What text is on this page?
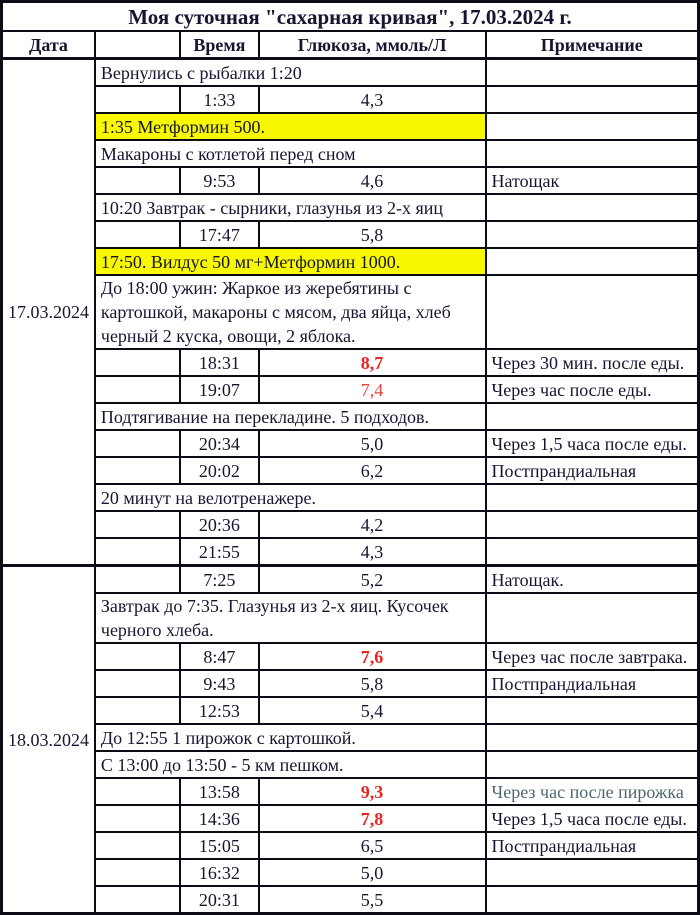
Моя суточная "сахарная кривая", 17.03.2024 г.				
Дата		Время	Глюкоза, ммоль/Л	Примечание
17.03.2024	Вернулись с рыбалки 1:20			
		1:33	4,3	
	1:35 Метформин 500.			
	Макароны с котлетой перед сном			
		9:53	4,6	Натощак
	10:20 Завтрак - сырники, глазунья из 2-х яиц			
		17:47	5,8	
	17:50. Вилдус 50 мг+Метформин 1000.			
	До 18:00 ужин: Жаркое из жеребятины с картошкой, макароны с мясом, два яйца, хлеб черный 2 куска, овощи, 2 яблока.			
		18:31	8,7	Через 30 мин. после еды.
		19:07	7,4	Через час после еды.
	Подтягивание на перекладине. 5 подходов.			
		20:34	5,0	Через 1,5 часа после еды.
		20:02	6,2	Постпрандиальная
	20 минут на велотренажере.			
		20:36	4,2	
		21:55	4,3	
18.03.2024		7:25	5,2	Натощак.
	Завтрак до 7:35. Глазунья из 2-х яиц. Кусочек черного хлеба.			
		8:47	7,6	Через час после завтрака.
		9:43	5,8	Постпрандиальная
		12:53	5,4	
	До 12:55 1 пирожок с картошкой.			
	С 13:00 до 13:50 - 5 км пешком.			
		13:58	9,3	Через час после пирожка
		14:36	7,8	Через 1,5 часа после еды.
		15:05	6,5	Постпрандиальная
		16:32	5,0	
		20:31	5,5	
